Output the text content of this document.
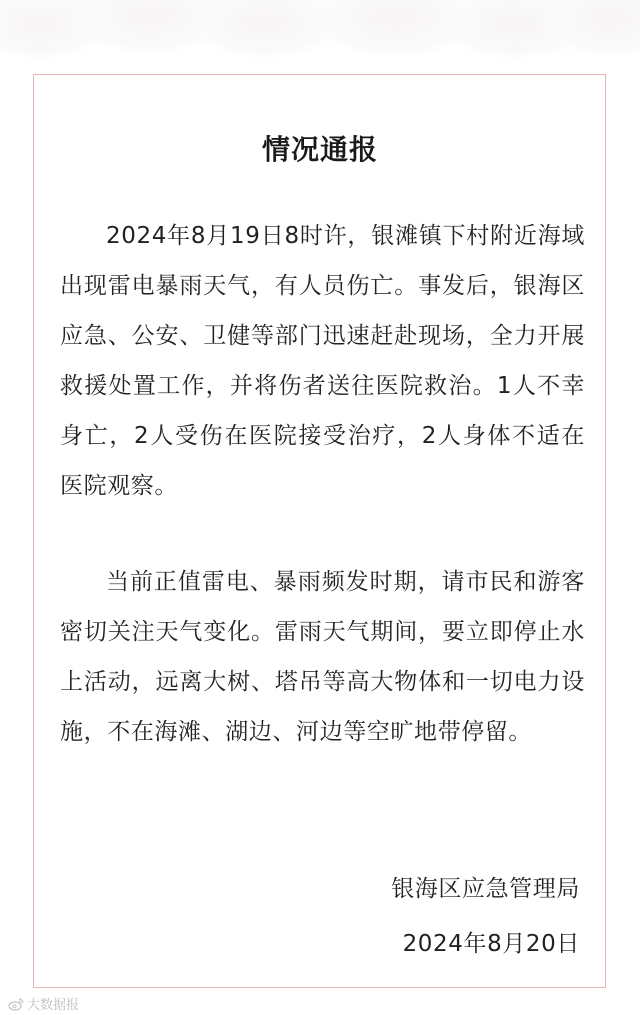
情况通报

2024年8月19日8时许，银滩镇下村附近海域出现雷电暴雨天气，有人员伤亡。事发后，银海区应急、公安、卫健等部门迅速赶赴现场，全力开展救援处置工作，并将伤者送往医院救治。1人不幸身亡，2人受伤在医院接受治疗，2人身体不适在医院观察。

当前正值雷电、暴雨频发时期，请市民和游客密切关注天气变化。雷雨天气期间，要立即停止水上活动，远离大树、塔吊等高大物体和一切电力设施，不在海滩、湖边、河边等空旷地带停留。

银海区应急管理局
2024年8月20日
大数据报
